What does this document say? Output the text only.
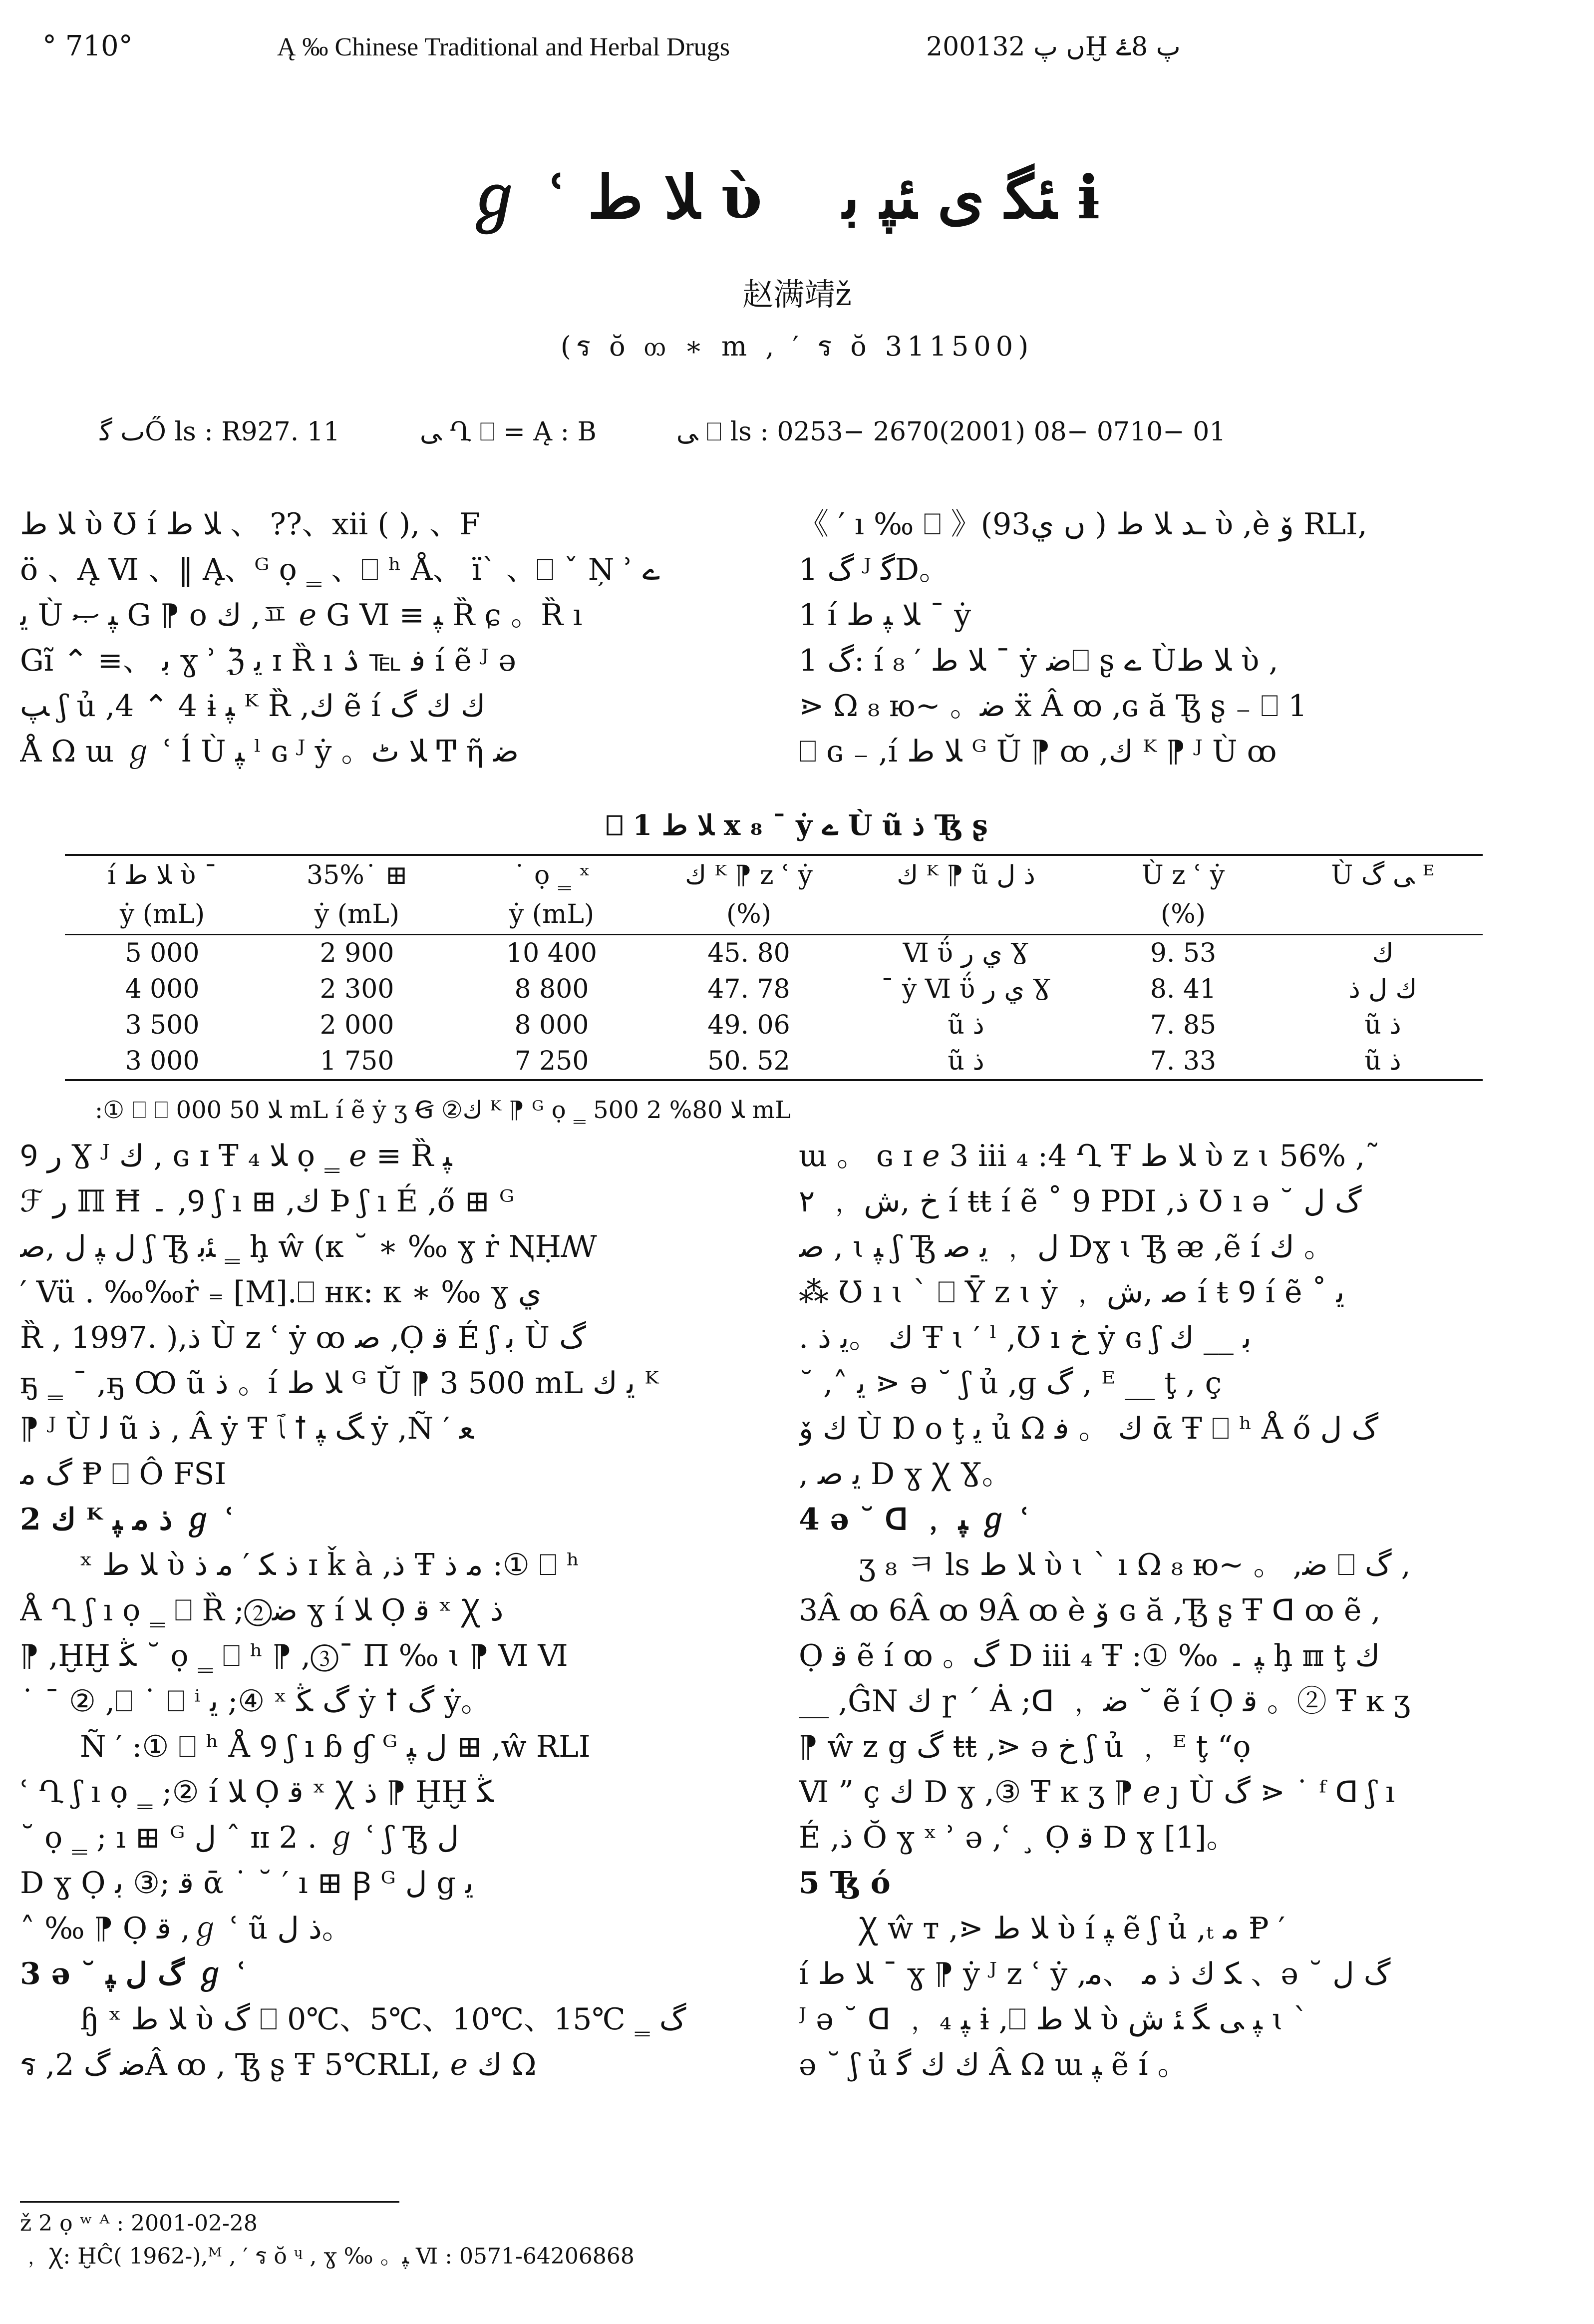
° 710°	Ą ‰ Chinese Traditional and Herbal Drugs	2001ں پ 32Ḫ پ 8ۓ
ℊ ʿ ﻼ ﻁ ὺ ﺌﮕ ﯼ ﺌﭙ ﺑ ɨ
赵满靖ž
(ร ŏ ᦎ ∗ m , ′ ร ŏ 311500)
ٮ ﮔŐ ls : R927. 11	ﯽ Ղ ⎕ = Ą : B	ﯽ ⎕ ls : 0253− 2670(2001) 08− 0710− 01

ﻼ ﻁ ὺ Ʊ ı́ ﻼ ﻁ 、 ??、xii ( ), 、F

ö 、Ą Ⅵ 、‖ Ą、ᴳ ọ ‗ 、⎕ ʰ Å、 ïˋ 、⎕ ˇ Ņ ʾ ے

ﯾ Ù ﭙ ޞ G ⁋ o ﻙ ,ㅍ ℯ G Ⅵ ≡ ﭙ Ȑ ɕ 。Ȑ ı

Gĩ ⌃ ≡、 ﺑ ɣ ʾ ℨ ﯾ ɪ Ȑ ı ﻓ ℡ ۮ ı́ ẽ ᴶ ə

ﭗ ʃ ủ ,4 ⌃ 4 ɨ ﭙ ᴷ Ȑ ,ﻙ ẽ ı́ ﻙ ﻙ ﮒ

Å Ω ɯ ℊ ʿ ĺ Ù ﭙ ˡ ɢ ᴶ ẏ 。ﻼ ﭦ Ͳ ῆ ﺿ

《 ′ ı ‰ ⎕ 》(93ں ﻱ ) ـﺪ ﻼ ﻁ ὺ ,è ﯙ RLI,

1 ﮒ ᴶ ﮔD。

1 ı́ ﻼ ﭙ ﻁ ¯ ẏ

1 ﮒ: ı́ ﻼ ﻁ ′ ₈ ¯ ẏ ﺿ⎕ ʂ ے Ùﻼ ﻁ ὺ ,

⋗ Ω ₈ ю~ 。ﺿ ẍ Â ꝏ ,ɢ ă Ꜩ ʂ ₋ ⎕ 1

⎕ ɢ ₋ ,ı́ ﻼ ﻁ ᴳ Ŭ ⁋ ꝏ ,ﻙ ᴷ ⁋ ᴶ Ù ꝏ

⎕ 1 ﻼ ﻁ x ₈ ¯ ẏ ے Ù ũ ﺫ Ꜩ ʂ
ı́ ﻼ ﻁ ὺ ¯	35%˙ ⊞	˙ ọ ‗ ˣ	ﻙ ᴷ ⁋ z ʿ ẏ	ﻙ ᴷ ⁋ ũ ﺫ ﻝ	Ù z ʿ ẏ	Ù ﯽ ﮒ ᴱ
ẏ (mL)	ẏ (mL)	ẏ (mL)	(%)		(%)	
5 000	2 900	10 400	45. 80	Ⅵ ΰ ﻱ ﺭ Ɣ	9. 53	ﻙ
4 000	2 300	8 800	47. 78	¯ ẏ Ⅵ ΰ ﻱ ﺭ Ɣ	8. 41	ﻙ ﻝ ﺫ
3 500	2 000	8 000	49. 06	ũ ﺫ	7. 85	ũ ﺫ
3 000	1 750	7 250	50. 52	ũ ﺫ	7. 33	ũ ﺫ
:① ⎕ ⎕ ﻼ 50 000 mL ı́ ẽ ẏ ʒ Ꞡ ②ﻙ ᴷ ⁋ ᴳ ọ ‗ ﻼ 80% 2 500 mL

Ꝯ ﺭ Ɣ ᴶ ﻙ , ɢ ɪ Ŧ ₄ ﻼ ọ ‗ ℯ ≡ Ȑ ﭙ

ℱ ﺭ ℿ Ħ ۔ ,Ꝯ ʃ ı ⊞ ,ﻙ Þ ʃ ı É ,ő ⊞ ᴳ

ﻝ ﭙ ﻝ ,ﺻ ʃ Ꜩ ﺌﺑ ‗ ḩ ŵ (ᴋ ˘ ∗ ‰ ɣ ṙ ꞐḤꟿ

′ Vü . ‰‰ṙ ₌ [M].⎕ ʜᴋ: ᴋ ∗ ‰ ɣ ﻱ

Ȑ , 1997. ),ﺫ Ù z ʿ ẏ ꝏ ﺻ ,Ọ ﻗ É ʃ ﺑ Ù ﮒ

ҕ ‗ ¯ ,ҕ Ꝏ ũ ﺫ 。ı́ ﻼ ﻁ ᴳ Ŭ ⁋ 3 500 mL ﯾ ﻙ ᴷ

⁋ ᴶ Ù ﻟ ũ ﺫ , Â ẏ Ŧ ﭑ ꝉ ﮓ ﭙ ẏ ,Ñ ′ ﻌ

ﮒ ﻣ Ᵽ ⎕ Ô FSI

2 ﻙ ᴷ ﺫ ﻣ ﭙ ℊ ʿ

ˣ ﻼ ﻁ ὺ ﺫ ﮑ ′ ﻣ ﺫ ɪ ǩ à ,ﺫ Ŧ ﻣ ﺫ :① ⎕ ʰ

Å Ղ ʃ ı ọ ‗ ⎕ Ȑ ;②ﺿ ɣ ı́ ﻼ Ọ ﻗ ˣ Ꭓ ﺫ

⁋ ,ḪḪ ﯖ ˘ ọ ‗ ⎕ ʰ ⁋ ,③¯ Π ‰ ɩ ⁋ Ⅵ Ⅵ

˙ ¯ ② ,⎕ ˙ ⎕ ⁱ ﯾ ;④ ˣ ﮒ ﯖ ẏ ꝉ ﮒ ẏ。

Ñ ′ :① ⎕ ʰ Å Ꝯ ʃ ı ɓ ɠ ᴳ ﻝ ﭙ ⊞ ,ŵ RLI

ʿ Ղ ʃ ı ọ ‗ ;② ı́ ﻼ Ọ ﻗ ˣ Ꭓ ﺫ ⁋ ḪḪ ﯖ

˘ ọ ‗ ; ı ⊞ ᴳ ﻝ ˆ ɪɪ 2 . ℊ ʿ ʃ Ꜩ ﻝ

D ɣ Ọ ﻗ ;③ ﺑ ᾱ ˙ ˘ ′ ı ⊞ Ꞵ ᴳ ﻝ g ﯾ

˄ ‰ ⁋ Ọ ﻗ ,ℊ ʿ ũ ﺫ ﻝ。

3 ə ˘ ﮒ ﻝ ﭙ ℊ ʿ

ɧ ˣ ﻼ ﻁ ὺ ﮒ ⎕ 0℃、5℃、10℃、15℃ ‗ ﮒ

ร ,ﺿ ﮒ 2Â ꝏ , Ꜩ ʂ Ŧ 5℃RLI, ℯ ﻙ Ω

ɯ 。 ɢ ɪ ℯ 3 iii ₄ :4 Ղ Ŧ ﻼ ﻁ ὺ z ɩ 56% ,˜

۲ ﹐ ﺥ ,ﺵ ı́ ŧŧ ı́ ẽ ˚ 9 PDI ,ﺫ Ʊ ı ə ˘ ﮒ ﻝ

ﺻ , ɩ ﭙ ʃ Ꜩ ﻝ ﹐ ﯾ ﺻ Dɣ ɩ Ꜩ ᴂ ,ẽ ı́ ﻙ 。

⁂ Ʊ ı ɩ ˋ ⎕ Ῡ z ɩ ẏ ﹐ ﺻ ,ﺵ ı́ ŧ Ꝯ ı́ ẽ ˚ ﯾ

. ﻙ 。ﯾ ﺫ Ŧ ɩ ′ ˡ ,Ʊ ı ﺥ ẏ ɢ ʃ ﺑ __ ﻙ

˘ ,˄ ﯾ ⋗ ə ˘ ʃ ủ ,ɡ ﮒ , ᴱ __ ţ , ç

ﻙ ﯙ Ù Ɒ o ţ ﯾ ủ Ω ﻙ 。 ﻓ ᾱ Ŧ ⎕ ʰ Å ő ﮒ ﻝ

, ﯾ ﺻ D ɣ Ꭓ Ɣ。

4 ə ˘ ᗡ ﹐ ﭙ ℊ ʿ

ʒ ₈ ㅋ ls ﻼ ﻁ ὺ ɩ ˋ ı Ω ₈ ю~ 。 ,ﺿ ⎕ ﮒ ,

3Â ꝏ 6Â ꝏ 9Â ꝏ è ﯙ ɢ ă ,Ꜩ ʂ Ŧ ᗡ ꝏ ẽ ,

Ọ ﻗ ẽ ı́ ꝏ 。ﮒ D iii ₄ Ŧ :① ‰ ﭙ ۔ ḩ ℼ ţ ﻙ

__ ,ĜN ﻙ ɼ ˊ Ȧ ;ᗡ ﹐ ﺿ ˘ ẽ ı́ Ọ ﻗ 。② Ŧ ĸ ʒ

⁋ ŵ z g ﮒ ŧŧ ,⋗ ə ﺥ ʃ ủ ﹐ ᴱ ţ “ọ

Ⅵ ” ç ﻙ D ɣ ,③ Ŧ ĸ ʒ ⁋ ℯ ȷ Ù ﮒ ⋗ ˙ ᶠ ᗡ ʃ ı

É ,ﺫ Ŏ ɣ ˣ ʾ ə ,ʿ ¸ Ọ ﻗ D ɣ [1]。

5 Ꜩ ó

Ꭓ ŵ ᴛ ,⋗ ﻼ ﻁ ὺ ı́ ﭙ ẽ ʃ ủ ,ₜ ﻣ Ᵽ ′

ı́ ﻼ ﻁ ¯ ɣ ⁋ ẏ ᴶ z ʿ ẏ ,ﮑ ﻙ ﺫ ﻣ 、ﻣ 、ə ˘ ﮒ ﻝ

ᴶ ə ˘ ᗡ ﹐ ﭙ ₄ ɨ ,⎕ ﻼ ﻁ ὺ ﭙ ﯽ ﮕ ﺌ ﺵ ɩ ˋ

ə ˘ ʃ ủ ﻙ ﻙ ﮔ Â Ω ɯ ﭙ ẽ ı́ 。

ž 2 ọ ʷ ᴬ : 2001-02-28

﹐ Ꭓ: ḪĈ( 1962-),ᴹ , ′ ร ŏ ᶣ , ɣ ‰ 。ﭙ Ⅵ : 0571-64206868
